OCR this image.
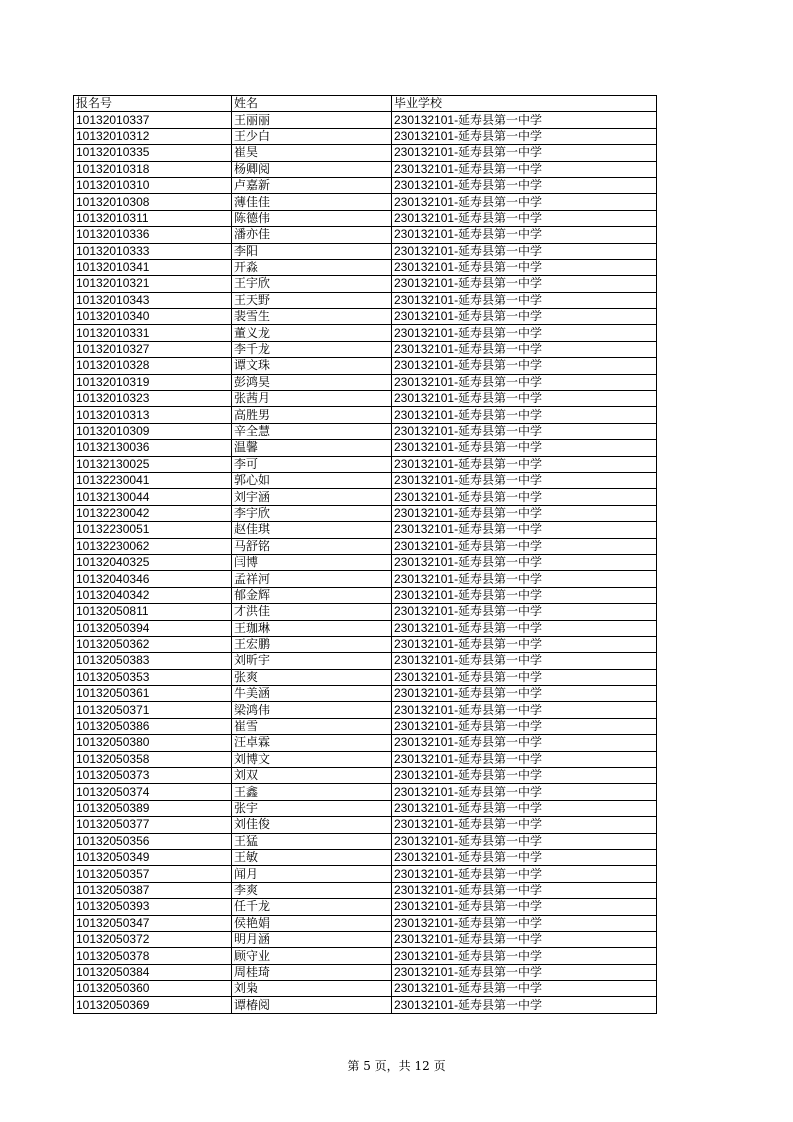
报名号	姓名	毕业学校
10132010337	王丽丽	230132101-延寿县第一中学
10132010312	王少白	230132101-延寿县第一中学
10132010335	崔昊	230132101-延寿县第一中学
10132010318	杨卿阅	230132101-延寿县第一中学
10132010310	卢嘉新	230132101-延寿县第一中学
10132010308	薄佳佳	230132101-延寿县第一中学
10132010311	陈德伟	230132101-延寿县第一中学
10132010336	潘亦佳	230132101-延寿县第一中学
10132010333	李阳	230132101-延寿县第一中学
10132010341	开淼	230132101-延寿县第一中学
10132010321	王宇欣	230132101-延寿县第一中学
10132010343	王天野	230132101-延寿县第一中学
10132010340	裴雪生	230132101-延寿县第一中学
10132010331	董义龙	230132101-延寿县第一中学
10132010327	李千龙	230132101-延寿县第一中学
10132010328	谭文珠	230132101-延寿县第一中学
10132010319	彭鸿昊	230132101-延寿县第一中学
10132010323	张茜月	230132101-延寿县第一中学
10132010313	高胜男	230132101-延寿县第一中学
10132010309	辛全慧	230132101-延寿县第一中学
10132130036	温馨	230132101-延寿县第一中学
10132130025	李可	230132101-延寿县第一中学
10132230041	郭心如	230132101-延寿县第一中学
10132130044	刘宇涵	230132101-延寿县第一中学
10132230042	李宇欣	230132101-延寿县第一中学
10132230051	赵佳琪	230132101-延寿县第一中学
10132230062	马舒铭	230132101-延寿县第一中学
10132040325	闫博	230132101-延寿县第一中学
10132040346	孟祥河	230132101-延寿县第一中学
10132040342	郁金辉	230132101-延寿县第一中学
10132050811	才洪佳	230132101-延寿县第一中学
10132050394	王珈琳	230132101-延寿县第一中学
10132050362	王宏鹏	230132101-延寿县第一中学
10132050383	刘昕宇	230132101-延寿县第一中学
10132050353	张爽	230132101-延寿县第一中学
10132050361	牛美涵	230132101-延寿县第一中学
10132050371	梁鸿伟	230132101-延寿县第一中学
10132050386	崔雪	230132101-延寿县第一中学
10132050380	汪卓霖	230132101-延寿县第一中学
10132050358	刘博文	230132101-延寿县第一中学
10132050373	刘双	230132101-延寿县第一中学
10132050374	王鑫	230132101-延寿县第一中学
10132050389	张宇	230132101-延寿县第一中学
10132050377	刘佳俊	230132101-延寿县第一中学
10132050356	王猛	230132101-延寿县第一中学
10132050349	王敏	230132101-延寿县第一中学
10132050357	闻月	230132101-延寿县第一中学
10132050387	李爽	230132101-延寿县第一中学
10132050393	任千龙	230132101-延寿县第一中学
10132050347	侯艳娟	230132101-延寿县第一中学
10132050372	明月涵	230132101-延寿县第一中学
10132050378	顾守业	230132101-延寿县第一中学
10132050384	周桂琦	230132101-延寿县第一中学
10132050360	刘枭	230132101-延寿县第一中学
10132050369	谭椿阅	230132101-延寿县第一中学
第 5 页，共 12 页
